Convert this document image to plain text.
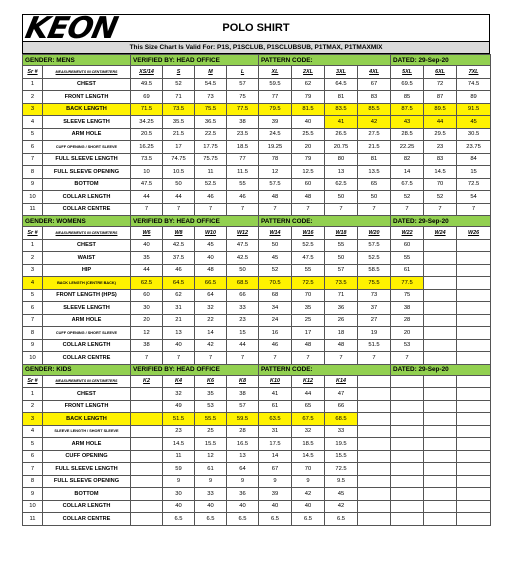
KEON	POLO SHIRT
This Size Chart Is Valid For: P1S, P1SCLUB, P1SCLUBSUB, P1TMAX, P1TMAXMIX
GENDER: MENS		VERIFIED BY: HEAD OFFICE				PATTERN CODE:				DATED: 29-Sep-20		
Sr #	MEASUREMENTS IN CENTIMETERS	XS/14	S	M	L	XL	2XL	3XL	4XL	5XL	6XL	7XL
1	CHEST	49.5	52	54.5	57	59.5	62	64.5	67	69.5	72	74.5
2	FRONT LENGTH	69	71	73	75	77	79	81	83	85	87	89
3	BACK LENGTH	71.5	73.5	75.5	77.5	79.5	81.5	83.5	85.5	87.5	89.5	91.5
4	SLEEVE LENGTH	34.25	35.5	36.5	38	39	40	41	42	43	44	45
5	ARM HOLE	20.5	21.5	22.5	23.5	24.5	25.5	26.5	27.5	28.5	29.5	30.5
6	CUFF OPENING / SHORT SLEEVE	16.25	17	17.75	18.5	19.25	20	20.75	21.5	22.25	23	23.75
7	FULL SLEEVE LENGTH	73.5	74.75	75.75	77	78	79	80	81	82	83	84
8	FULL SLEEVE OPENING	10	10.5	11	11.5	12	12.5	13	13.5	14	14.5	15
9	BOTTOM	47.5	50	52.5	55	57.5	60	62.5	65	67.5	70	72.5
10	COLLAR LENGTH	44	44	46	46	48	48	50	50	52	52	54
11	COLLAR CENTRE	7	7	7	7	7	7	7	7	7	7	7
GENDER: WOMENS		VERIFIED BY: HEAD OFFICE				PATTERN CODE:				DATED: 29-Sep-20		
Sr #	MEASUREMENTS IN CENTIMETERS	W6	W8	W10	W12	W14	W16	W18	W20	W22	W24	W26
1	CHEST	40	42.5	45	47.5	50	52.5	55	57.5	60		
2	WAIST	35	37.5	40	42.5	45	47.5	50	52.5	55		
3	HIP	44	46	48	50	52	55	57	58.5	61		
4	BACK LENGTH (CENTRE BACK)	62.5	64.5	66.5	68.5	70.5	72.5	73.5	75.5	77.5		
5	FRONT LENGTH (HPS)	60	62	64	66	68	70	71	73	75		
6	SLEEVE LENGTH	30	31	32	33	34	35	36	37	38		
7	ARM HOLE	20	21	22	23	24	25	26	27	28		
8	CUFF OPENING / SHORT SLEEVE	12	13	14	15	16	17	18	19	20		
9	COLLAR LENGTH	38	40	42	44	46	48	48	51.5	53		
10	COLLAR CENTRE	7	7	7	7	7	7	7	7	7		
GENDER: KIDS		VERIFIED BY: HEAD OFFICE				PATTERN CODE:				DATED: 29-Sep-20		
Sr #	MEASUREMENTS IN CENTIMETERS	K2	K4	K6	K8	K10	K12	K14				
1	CHEST		32	35	38	41	44	47				
2	FRONT LENGTH		49	53	57	61	65	66				
3	BACK LENGTH		51.5	55.5	59.5	63.5	67.5	68.5				
4	SLEEVE LENGTH / SHORT SLEEVE		23	25	28	31	32	33				
5	ARM HOLE		14.5	15.5	16.5	17.5	18.5	19.5				
6	CUFF OPENING		11	12	13	14	14.5	15.5				
7	FULL SLEEVE LENGTH		59	61	64	67	70	72.5				
8	FULL SLEEVE OPENING		9	9	9	9	9	9.5				
9	BOTTOM		30	33	36	39	42	45				
10	COLLAR LENGTH		40	40	40	40	40	42				
11	COLLAR CENTRE		6.5	6.5	6.5	6.5	6.5	6.5				
